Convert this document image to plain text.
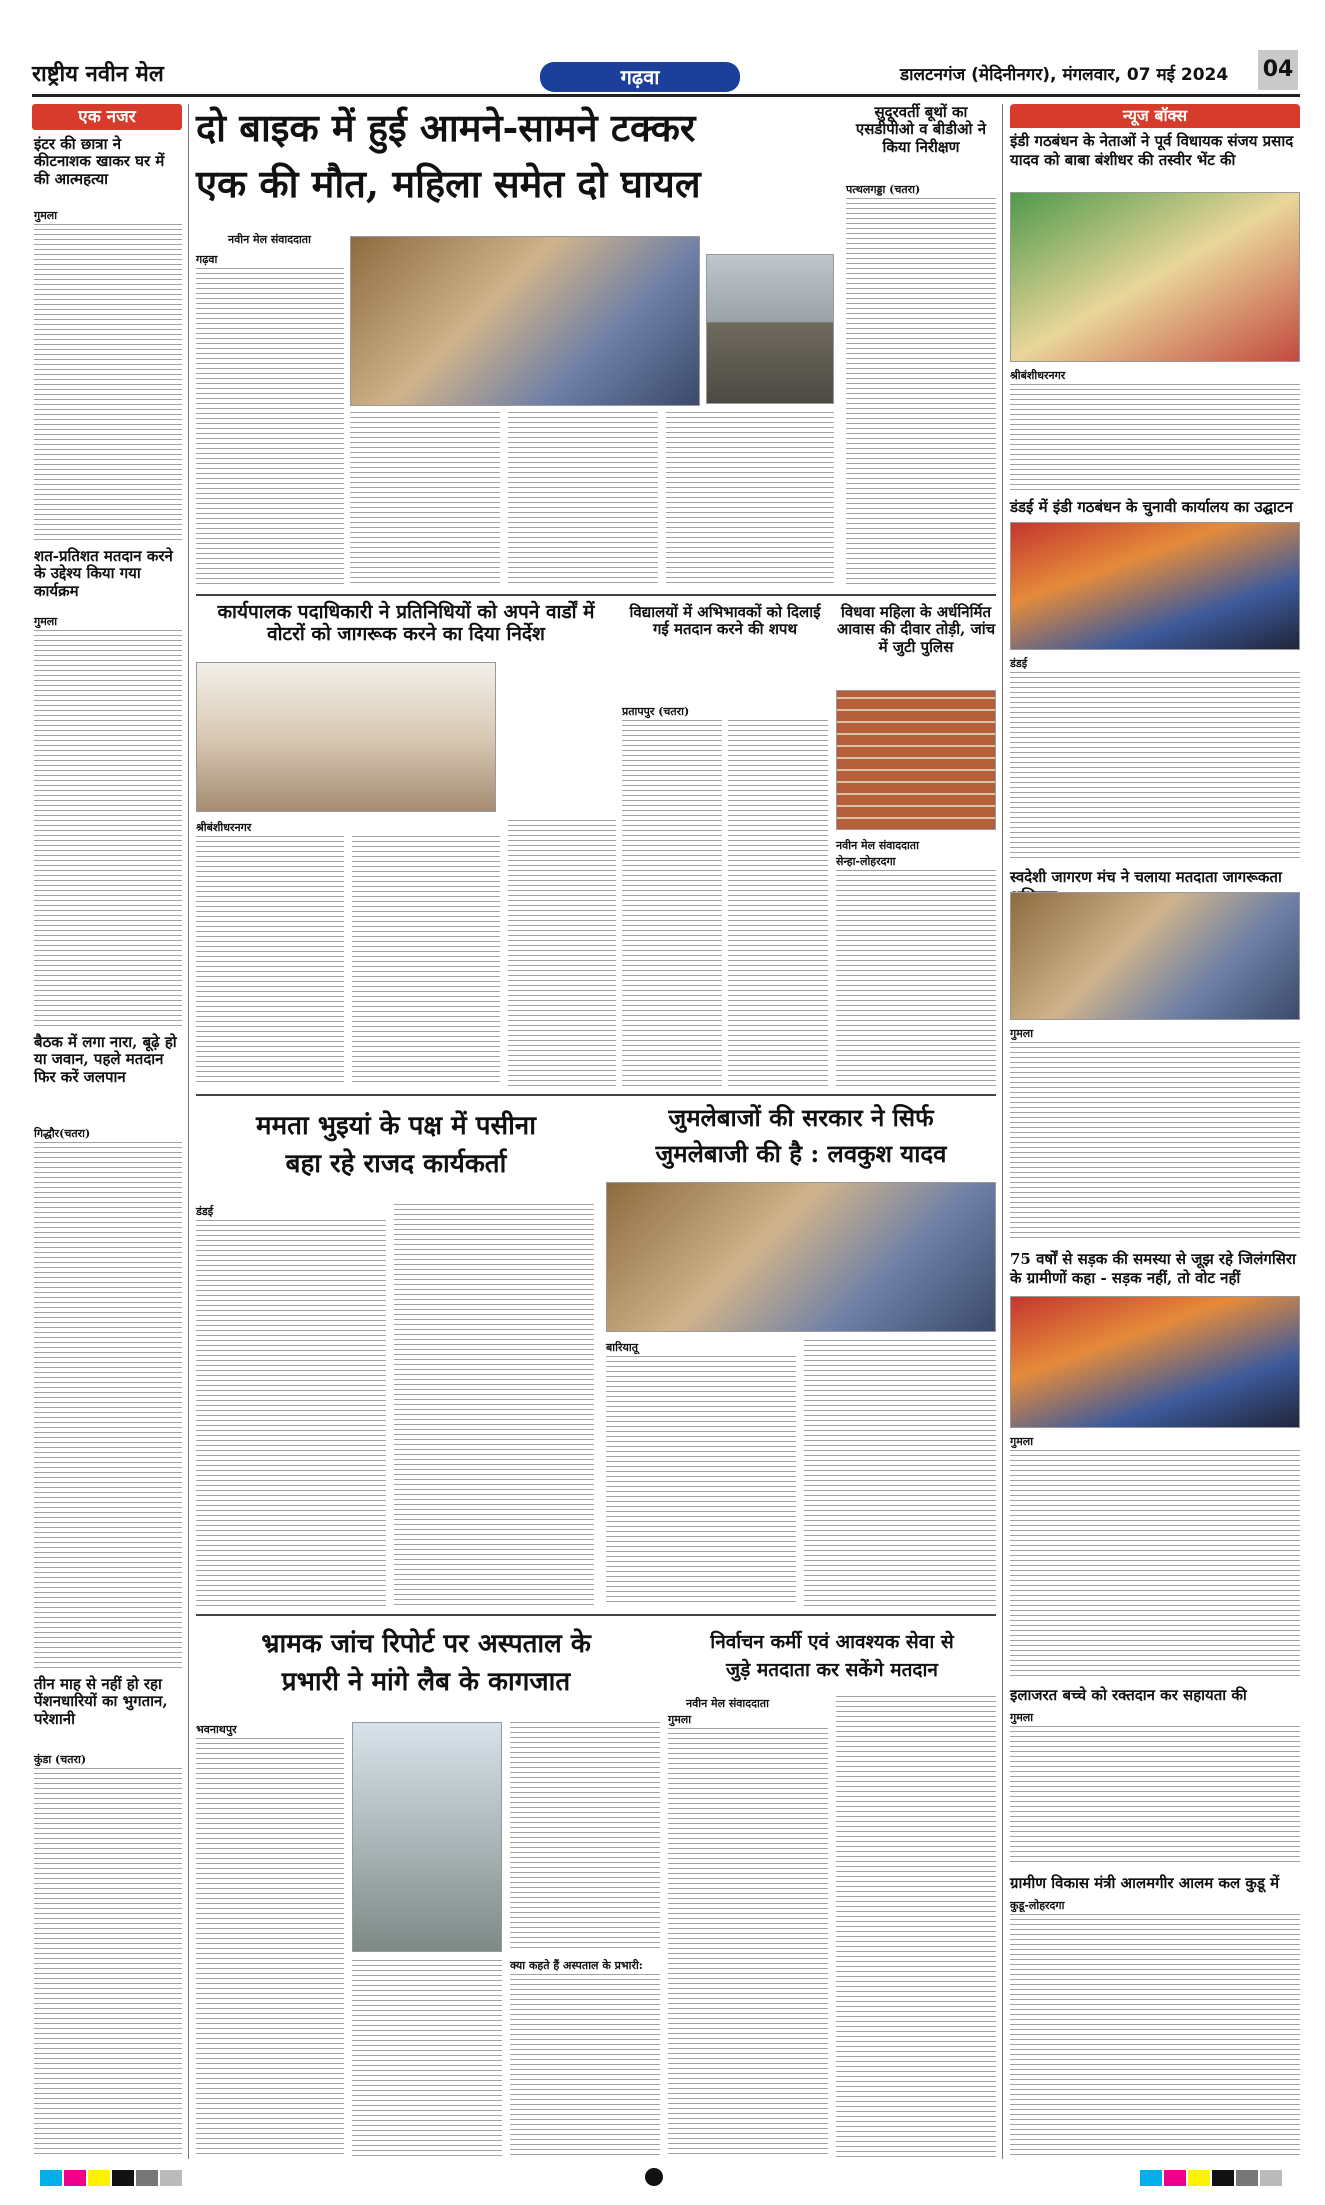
राष्ट्रीय नवीन मेल	गढ़वा	डालटनगंज (मेदिनीनगर), मंगलवार, 07 मई 2024 04
एक नजर
इंटर की छात्रा ने कीटनाशक खाकर घर में की आत्महत्या
गुमला
शत-प्रतिशत मतदान करने के उद्देश्य किया गया कार्यक्रम
गुमला
बैठक में लगा नारा, बूढ़े हो या जवान, पहले मतदान फिर करें जलपान
गिद्धौर(चतरा)
तीन माह से नहीं हो रहा पेंशनधारियों का भुगतान, परेशानी
कुंडा (चतरा)
दो बाइक में हुई आमने-सामने टक्कर
एक की मौत, महिला समेत दो घायल
नवीन मेल संवाददाता
गढ़वा
सुदूरवर्ती बूथों का एसडीपीओ व बीडीओ ने किया निरीक्षण
पत्थलगड्डा (चतरा)
कार्यपालक पदाधिकारी ने प्रतिनिधियों को अपने वार्डों में वोटरों को जागरूक करने का दिया निर्देश
श्रीबंशीधरनगर
विद्यालयों में अभिभावकों को दिलाई गई मतदान करने की शपथ
प्रतापपुर (चतरा)
विधवा महिला के अर्धनिर्मित आवास की दीवार तोड़ी, जांच में जुटी पुलिस
नवीन मेल संवाददाता
सेन्हा-लोहरदगा
ममता भुइयां के पक्ष में पसीना
बहा रहे राजद कार्यकर्ता
डंडई
जुमलेबाजों की सरकार ने सिर्फ
जुमलेबाजी की है : लवकुश यादव
बारियातू
भ्रामक जांच रिपोर्ट पर अस्पताल के
प्रभारी ने मांगे लैब के कागजात
भवनाथपुर
क्या कहते हैं अस्पताल के प्रभारी:
निर्वाचन कर्मी एवं आवश्यक सेवा से
जुड़े मतदाता कर सकेंगे मतदान
नवीन मेल संवाददाता
गुमला
न्यूज बॉक्स
इंडी गठबंधन के नेताओं ने पूर्व विधायक संजय प्रसाद यादव को बाबा बंशीधर की तस्वीर भेंट की
श्रीबंशीधरनगर
डंडई में इंडी गठबंधन के चुनावी कार्यालय का उद्घाटन
डंडई
स्वदेशी जागरण मंच ने चलाया मतदाता जागरूकता
गुमला
75 वर्षों से सड़क की समस्या से जूझ रहे जिलंगसिरा के ग्रामीणों कहा - सड़क नहीं, तो वोट नहीं
गुमला
इलाजरत बच्चे को रक्तदान कर सहायता की
गुमला
ग्रामीण विकास मंत्री आलमगीर आलम कल कुडू में
कुडू-लोहरदगा
